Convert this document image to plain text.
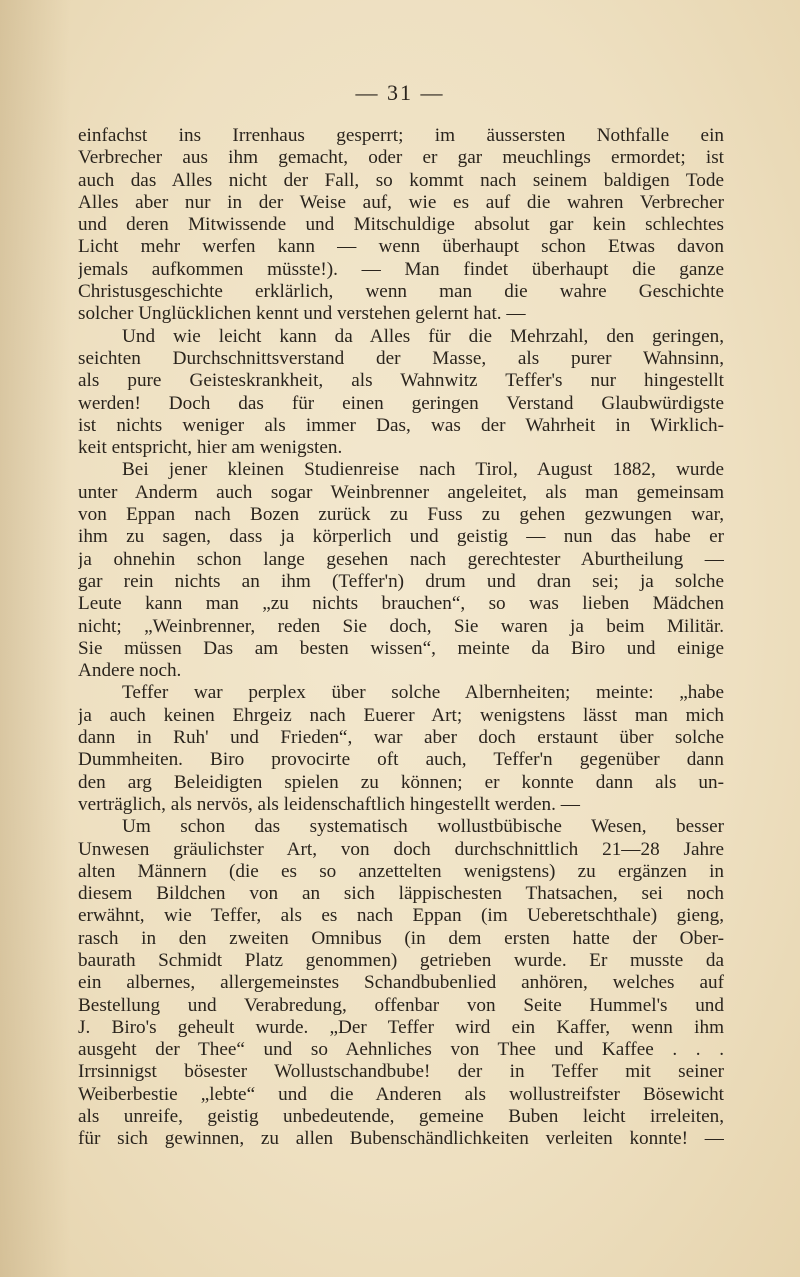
— 31 —

einfachst ins Irrenhaus gesperrt; im äussersten Nothfalle ein
Verbrecher aus ihm gemacht, oder er gar meuchlings ermordet; ist
auch das Alles nicht der Fall, so kommt nach seinem baldigen Tode
Alles aber nur in der Weise auf, wie es auf die wahren Verbrecher
und deren Mitwissende und Mitschuldige absolut gar kein schlechtes
Licht mehr werfen kann — wenn überhaupt schon Etwas davon
jemals aufkommen müsste!). — Man findet überhaupt die ganze
Christusgeschichte erklärlich, wenn man die wahre Geschichte
solcher Unglücklichen kennt und verstehen gelernt hat. —
Und wie leicht kann da Alles für die Mehrzahl, den geringen,
seichten Durchschnittsverstand der Masse, als purer Wahnsinn,
als pure Geisteskrankheit, als Wahnwitz Teffer's nur hingestellt
werden! Doch das für einen geringen Verstand Glaubwürdigste
ist nichts weniger als immer Das, was der Wahrheit in Wirklich-
keit entspricht, hier am wenigsten.
Bei jener kleinen Studienreise nach Tirol, August 1882, wurde
unter Anderm auch sogar Weinbrenner angeleitet, als man gemeinsam
von Eppan nach Bozen zurück zu Fuss zu gehen gezwungen war,
ihm zu sagen, dass ja körperlich und geistig — nun das habe er
ja ohnehin schon lange gesehen nach gerechtester Aburtheilung —
gar rein nichts an ihm (Teffer'n) drum und dran sei; ja solche
Leute kann man „zu nichts brauchen“, so was lieben Mädchen
nicht; „Weinbrenner, reden Sie doch, Sie waren ja beim Militär.
Sie müssen Das am besten wissen“, meinte da Biro und einige
Andere noch.
Teffer war perplex über solche Albernheiten; meinte: „habe
ja auch keinen Ehrgeiz nach Euerer Art; wenigstens lässt man mich
dann in Ruh' und Frieden“, war aber doch erstaunt über solche
Dummheiten. Biro provocirte oft auch, Teffer'n gegenüber dann
den arg Beleidigten spielen zu können; er konnte dann als un-
verträglich, als nervös, als leidenschaftlich hingestellt werden. —
Um schon das systematisch wollustbübische Wesen, besser
Unwesen gräulichster Art, von doch durchschnittlich 21—28 Jahre
alten Männern (die es so anzettelten wenigstens) zu ergänzen in
diesem Bildchen von an sich läppischesten Thatsachen, sei noch
erwähnt, wie Teffer, als es nach Eppan (im Ueberetschthale) gieng,
rasch in den zweiten Omnibus (in dem ersten hatte der Ober-
baurath Schmidt Platz genommen) getrieben wurde. Er musste da
ein albernes, allergemeinstes Schandbubenlied anhören, welches auf
Bestellung und Verabredung, offenbar von Seite Hummel's und
J. Biro's geheult wurde. „Der Teffer wird ein Kaffer, wenn ihm
ausgeht der Thee“ und so Aehnliches von Thee und Kaffee . . .
Irrsinnigst bösester Wollustschandbube! der in Teffer mit seiner
Weiberbestie „lebte“ und die Anderen als wollustreifster Bösewicht
als unreife, geistig unbedeutende, gemeine Buben leicht irreleiten,
für sich gewinnen, zu allen Bubenschändlichkeiten verleiten konnte! —
